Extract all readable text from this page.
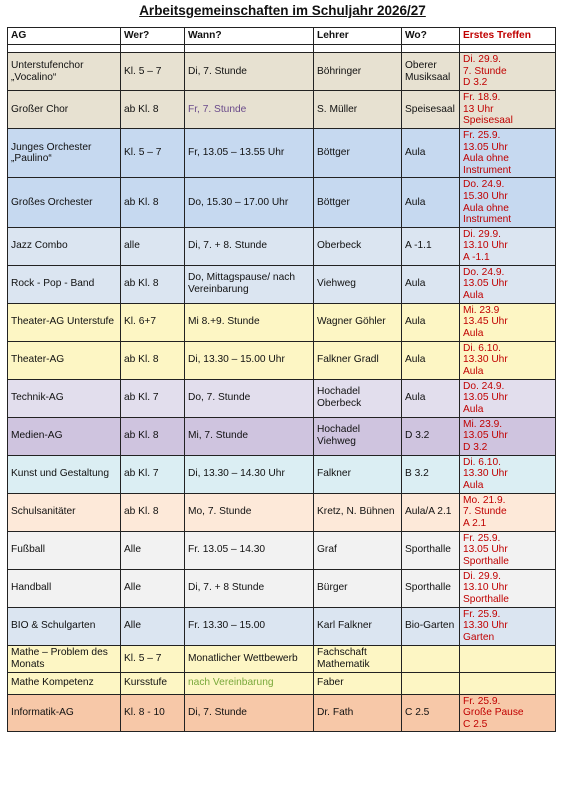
Arbeitsgemeinschaften im Schuljahr 2026/27
AG	Wer?	Wann?	Lehrer	Wo?	Erstes Treffen

Unterstufenchor „Vocalino“	Kl. 5 – 7	Di, 7. Stunde	Böhringer	Oberer Musiksaal	Di. 29.9.
7. Stunde
D 3.2
Großer Chor	ab Kl. 8	Fr, 7. Stunde	S. Müller	Speisesaal	Fr. 18.9.
13 Uhr
Speisesaal
Junges Orchester „Paulino“	Kl. 5 – 7	Fr, 13.05 – 13.55 Uhr	Böttger	Aula	Fr. 25.9.
13.05 Uhr
Aula ohne Instrument
Großes Orchester	ab Kl. 8	Do, 15.30 – 17.00 Uhr	Böttger	Aula	Do. 24.9.
15.30 Uhr
Aula ohne Instrument
Jazz Combo	alle	Di, 7. + 8. Stunde	Oberbeck	A -1.1	Di. 29.9.
13.10 Uhr
A -1.1
Rock - Pop - Band	ab Kl. 8	Do, Mittagspause/ nach Vereinbarung	Viehweg	Aula	Do. 24.9.
13.05 Uhr
Aula
Theater-AG Unterstufe	Kl. 6+7	Mi 8.+9. Stunde	Wagner Göhler	Aula	Mi. 23.9
13.45 Uhr
Aula
Theater-AG	ab Kl. 8	Di, 13.30 – 15.00 Uhr	Falkner Gradl	Aula	Di. 6.10.
13.30 Uhr
Aula
Technik-AG	ab Kl. 7	Do, 7. Stunde	Hochadel Oberbeck	Aula	Do. 24.9.
13.05 Uhr
Aula
Medien-AG	ab Kl. 8	Mi, 7. Stunde	Hochadel Viehweg	D 3.2	Mi. 23.9.
13.05 Uhr
D 3.2
Kunst und Gestaltung	ab Kl. 7	Di, 13.30 – 14.30 Uhr	Falkner	B 3.2	Di. 6.10.
13.30 Uhr
Aula
Schulsanitäter	ab Kl. 8	Mo, 7. Stunde	Kretz, N. Bühnen	Aula/A 2.1	Mo. 21.9.
7. Stunde
A 2.1
Fußball	Alle	Fr. 13.05 – 14.30	Graf	Sporthalle	Fr. 25.9.
13.05 Uhr
Sporthalle
Handball	Alle	Di, 7. + 8 Stunde	Bürger	Sporthalle	Di. 29.9.
13.10 Uhr
Sporthalle
BIO & Schulgarten	Alle	Fr. 13.30 – 15.00	Karl Falkner	Bio-Garten	Fr. 25.9.
13.30 Uhr
Garten
Mathe – Problem des Monats	Kl. 5 – 7	Monatlicher Wettbewerb	Fachschaft Mathematik		
Mathe Kompetenz	Kursstufe	nach Vereinbarung	Faber		
Informatik-AG	Kl. 8 - 10	Di, 7. Stunde	Dr. Fath	C 2.5	Fr. 25.9.
Große Pause
C 2.5
